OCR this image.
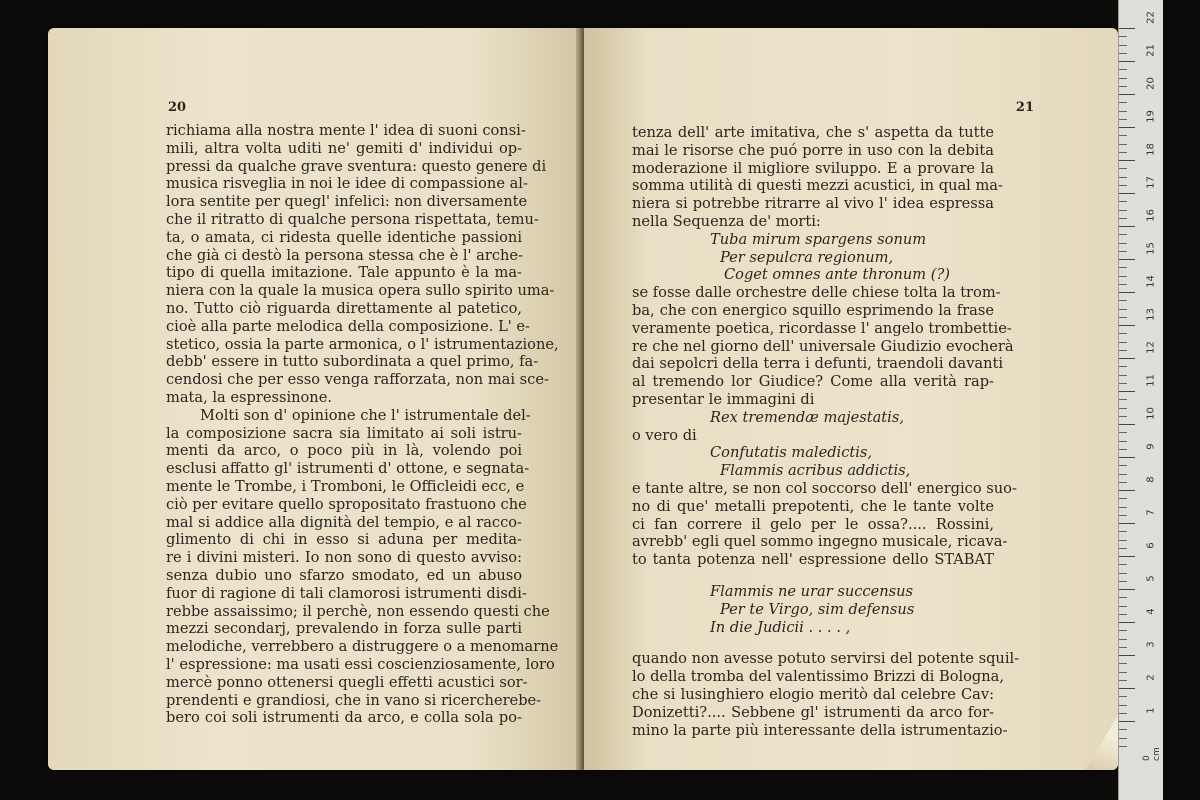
20
richiama alla nostra mente l' idea di suoni consi-
mili, altra volta uditi ne' gemiti d' individui op-
pressi da qualche grave sventura: questo genere di
musica risveglia in noi le idee di compassione al-
lora sentite per quegl' infelici: non diversamente
che il ritratto di qualche persona rispettata, temu-
ta, o amata, ci ridesta quelle identiche passioni
che già ci destò la persona stessa che è l' arche-
tipo di quella imitazione. Tale appunto è la ma-
niera con la quale la musica opera sullo spirito uma-
no. Tutto ciò riguarda direttamente al patetico,
cioè alla parte melodica della composizione. L' e-
stetico, ossia la parte armonica, o l' istrumentazione,
debb' essere in tutto subordinata a quel primo, fa-
cendosi che per esso venga rafforzata, non mai sce-
mata, la espressinone.
Molti son d' opinione che l' istrumentale del-
la composizione sacra sia limitato ai soli istru-
menti da arco, o poco più in là, volendo poi
esclusi affatto gl' istrumenti d' ottone, e segnata-
mente le Trombe, i Tromboni, le Officleidi ecc, e
ciò per evitare quello spropositato frastuono che
mal si addice alla dignità del tempio, e al racco-
glimento di chi in esso si aduna per medita-
re i divini misteri. Io non sono di questo avviso:
senza dubio uno sfarzo smodato, ed un abuso
fuor di ragione di tali clamorosi istrumenti disdi-
rebbe assaissimo; il perchè, non essendo questi che
mezzi secondarj, prevalendo in forza sulle parti
melodiche, verrebbero a distruggere o a menomarne
l' espressione: ma usati essi coscienziosamente, loro
mercè ponno ottenersi quegli effetti acustici sor-
prendenti e grandiosi, che in vano si ricercherebe-
bero coi soli istrumenti da arco, e colla sola po-
21
tenza dell' arte imitativa, che s' aspetta da tutte
mai le risorse che puó porre in uso con la debita
moderazione il migliore sviluppo. E a provare la
somma utilità di questi mezzi acustici, in qual ma-
niera si potrebbe ritrarre al vivo l' idea espressa
nella Sequenza de' morti:
Tuba mirum spargens sonum
Per sepulcra regionum,
Coget omnes ante thronum (?)
se fosse dalle orchestre delle chiese tolta la trom-
ba, che con energico squillo esprimendo la frase
veramente poetica, ricordasse l' angelo trombettie-
re che nel giorno dell' universale Giudizio evocherà
dai sepolcri della terra i defunti, traendoli davanti
al tremendo lor Giudice? Come alla verità rap-
presentar le immagini di
Rex tremendæ majestatis,
o vero di
Confutatis maledictis,
Flammis acribus addictis,
e tante altre, se non col soccorso dell' energico suo-
no di que' metalli prepotenti, che le tante volte
ci fan correre il gelo per le ossa?.... Rossini,
avrebb' egli quel sommo ingegno musicale, ricava-
to tanta potenza nell' espressione dello STABAT
Flammis ne urar succensus
Per te Virgo, sim defensus
In die Judicii . . . . ,
quando non avesse potuto servirsi del potente squil-
lo della tromba del valentissimo Brizzi di Bologna,
che si lusinghiero elogio meritò dal celebre Cav:
Donizetti?.... Sebbene gl' istrumenti da arco for-
mino la parte più interessante della istrumentazio-
0 cm
22
21
20
19
18
17
16
15
14
13
12
11
10
9
8
7
6
5
4
3
2
1
